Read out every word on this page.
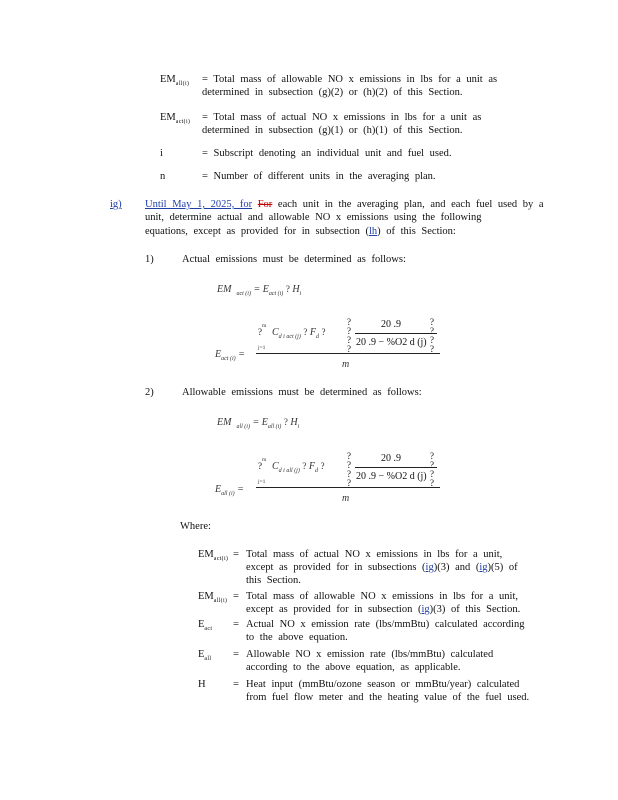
$EM_{all(i)}$ = Total mass of allowable NO x emissions in lbs for a unit as determined in subsection (g)(2) or (h)(2) of this Section.
$EM_{act(i)}$ = Total mass of actual NO x emissions in lbs for a unit as determined in subsection (g)(1) or (h)(1) of this Section.
i	= Subscript denoting an individual unit and fuel used.
n	= Number of different units in the averaging plan.
ig) Until May 1, 2025, for For each unit in the averaging plan, and each fuel used by a
unit, determine actual and allowable NO x emissions using the following
equations, except as provided for in subsection (lh) of this Section:
1)	Actual emissions must be determined as follows:
EM $_{act (i)} = E_{act (i)}$ ? $H_i$
$E_{act (i)}$ =
m
?
j=1
$C_{d i act (j)}$ ? $F_d$ ?
?
?
?
?
20 .9
20 .9 − %O2 d (j)
?
?
?
?
m
2)	Allowable emissions must be determined as follows:
EM $_{all (i)} = E_{all (i)}$ ? $H_i$
$E_{all (i)}$ =
m
?
j=1
$C_{d i all (j)}$ ? $F_d$ ?
?
?
?
?
20 .9
20 .9 − %O2 d (j)
?
?
?
?
m
Where:
$EM_{act(i)}$ = Total mass of actual NO x emissions in lbs for a unit, except as provided for in subsections (ig)(3) and (ig)(5) of this Section.
$EM_{all(i)}$ = Total mass of allowable NO x emissions in lbs for a unit, except as provided for in subsection (ig)(3) of this Section.
$E_{act}$ = Actual NO x emission rate (lbs/mmBtu) calculated according to the above equation.
$E_{all}$ = Allowable NO x emission rate (lbs/mmBtu) calculated according to the above equation, as applicable.
H	= Heat input (mmBtu/ozone season or mmBtu/year) calculated from fuel flow meter and the heating value of the fuel used.
